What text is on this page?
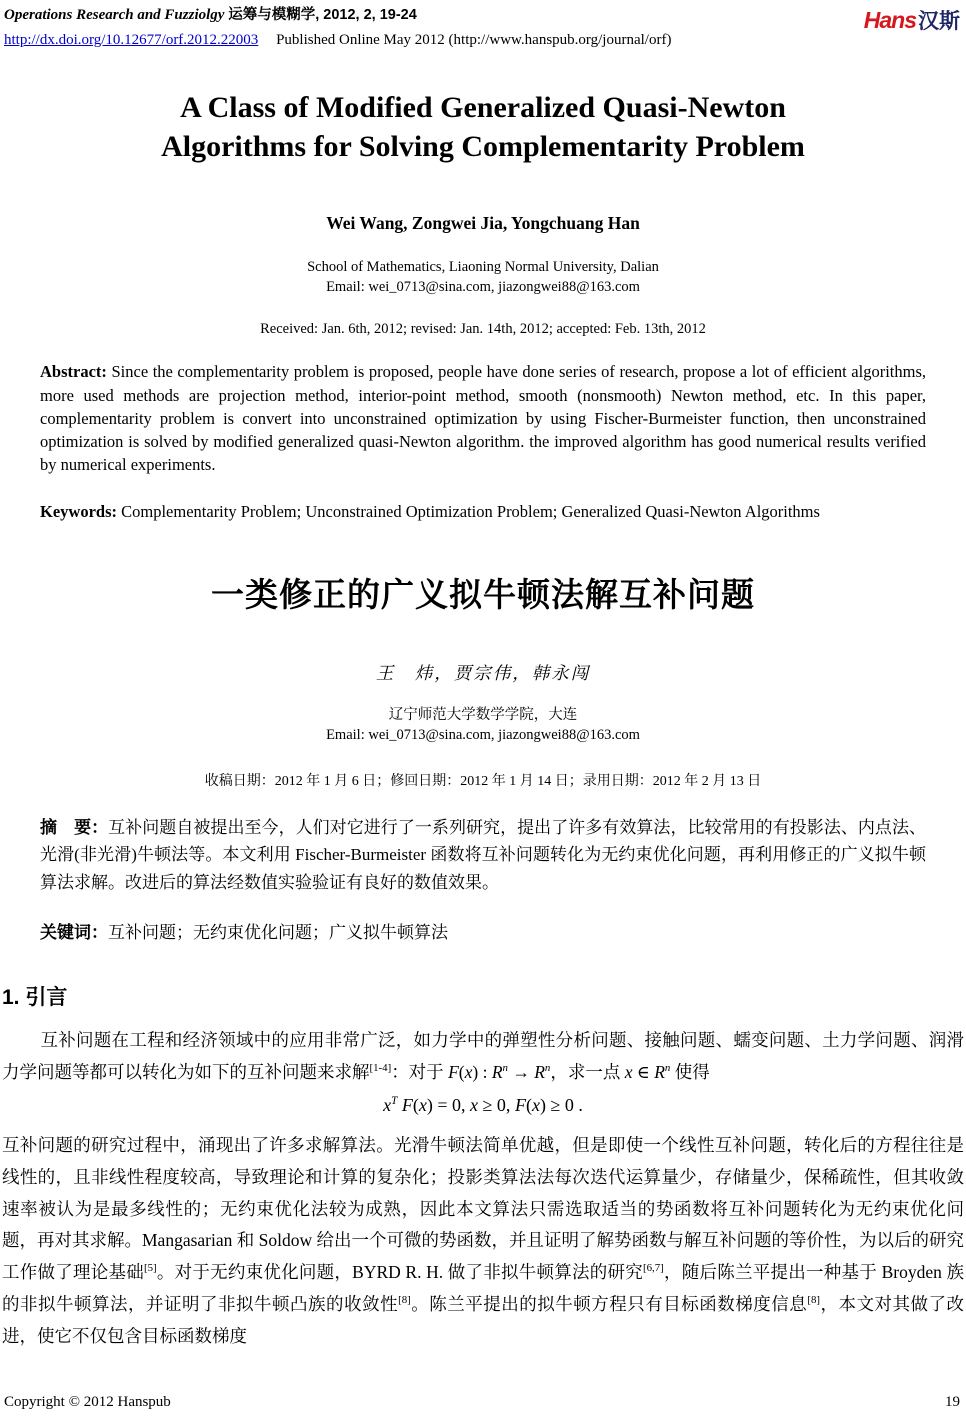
Operations Research and Fuzziolgy 运筹与模糊学, 2012, 2, 19-24
http://dx.doi.org/10.12677/orf.2012.22003 Published Online May 2012 (http://www.hanspub.org/journal/orf)
Hans汉斯
A Class of Modified Generalized Quasi-Newton
Algorithms for Solving Complementarity Problem
Wei Wang, Zongwei Jia, Yongchuang Han
School of Mathematics, Liaoning Normal University, Dalian
Email: wei_0713@sina.com, jiazongwei88@163.com
Received: Jan. 6th, 2012; revised: Jan. 14th, 2012; accepted: Feb. 13th, 2012

Abstract: Since the complementarity problem is proposed, people have done series of research, propose a lot of efficient algorithms, more used methods are projection method, interior-point method, smooth (nonsmooth) Newton method, etc. In this paper, complementarity problem is convert into unconstrained optimization by using Fischer-Burmeister function, then unconstrained optimization is solved by modified generalized quasi-Newton algorithm. the improved algorithm has good numerical results verified by numerical experiments.

Keywords: Complementarity Problem; Unconstrained Optimization Problem; Generalized Quasi-Newton Algorithms

一类修正的广义拟牛顿法解互补问题
王　炜，贾宗伟，韩永闯
辽宁师范大学数学学院，大连
Email: wei_0713@sina.com, jiazongwei88@163.com
收稿日期：2012 年 1 月 6 日；修回日期：2012 年 1 月 14 日；录用日期：2012 年 2 月 13 日

摘　要：互补问题自被提出至今，人们对它进行了一系列研究，提出了许多有效算法，比较常用的有投影法、内点法、光滑(非光滑)牛顿法等。本文利用 Fischer-Burmeister 函数将互补问题转化为无约束优化问题，再利用修正的广义拟牛顿算法求解。改进后的算法经数值实验验证有良好的数值效果。

关键词：互补问题；无约束优化问题；广义拟牛顿算法

1. 引言

互补问题在工程和经济领域中的应用非常广泛，如力学中的弹塑性分析问题、接触问题、蠕变问题、土力学问题、润滑力学问题等都可以转化为如下的互补问题来求解[1-4]：对于 F(x) : $R^n \to R^n$，求一点 x ∈ $R^n$ 使得

$x^T$ F(x) = 0, x ≥ 0, F(x) ≥ 0 .

互补问题的研究过程中，涌现出了许多求解算法。光滑牛顿法简单优越，但是即使一个线性互补问题，转化后的方程往往是线性的，且非线性程度较高，导致理论和计算的复杂化；投影类算法法每次迭代运算量少，存储量少，保稀疏性，但其收敛速率被认为是最多线性的；无约束优化法较为成熟，因此本文算法只需选取适当的势函数将互补问题转化为无约束优化问题，再对其求解。Mangasarian 和 Soldow 给出一个可微的势函数，并且证明了解势函数与解互补问题的等价性，为以后的研究工作做了理论基础[5]。对于无约束优化问题，BYRD R. H. 做了非拟牛顿算法的研究[6,7]，随后陈兰平提出一种基于 Broyden 族的非拟牛顿算法，并证明了非拟牛顿凸族的收敛性[8]。陈兰平提出的拟牛顿方程只有目标函数梯度信息[8]，本文对其做了改进，使它不仅包含目标函数梯度

Copyright © 2012 Hanspub	19
